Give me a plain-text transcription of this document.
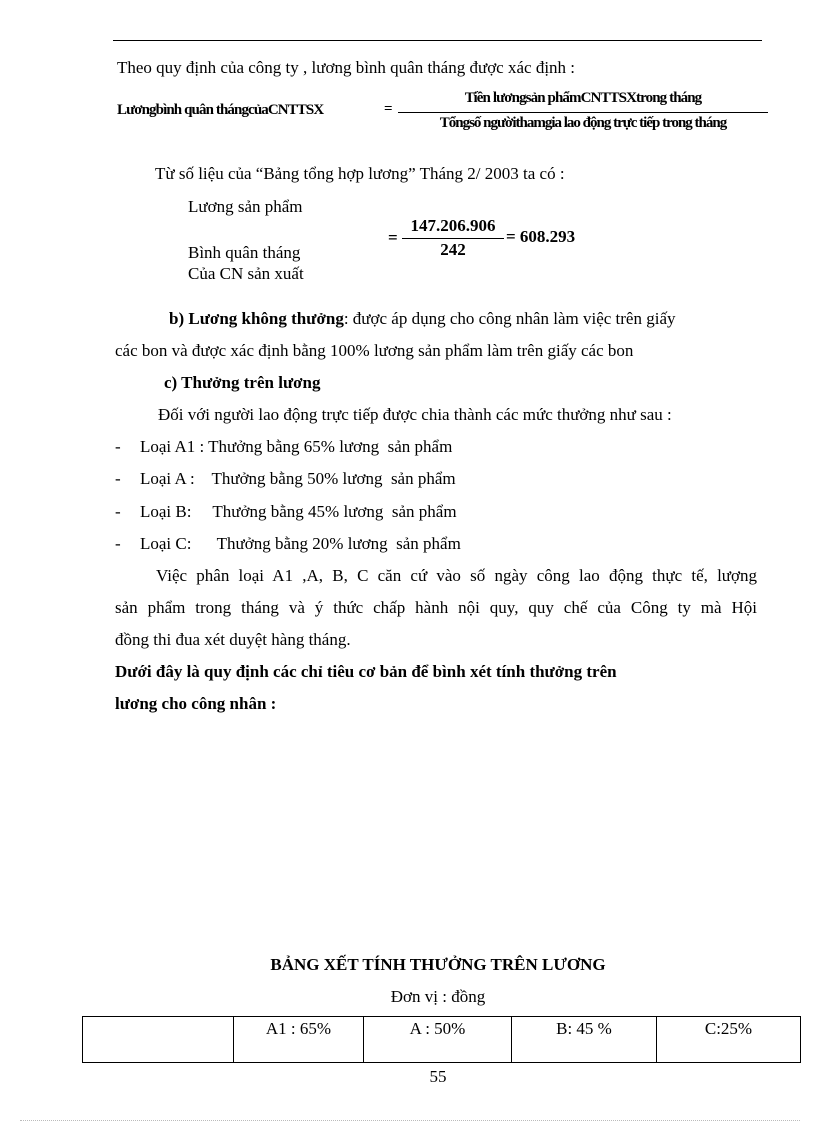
Theo quy định của công ty , lương bình quân tháng được xác định :
Lươngbình quân thángcủaCNTTSX	=
Tiền lươngsản phẩmCNTTSXtrong tháng
Tổngsố ngườithamgia lao động trực tiếp trong tháng
Từ số liệu của “Bảng tổng hợp lương” Tháng 2/ 2003 ta có :
Lương sản phẩm
Bình quân tháng
Của CN sản xuất
=
147.206.906
242
= 608.293
b) Lương không thưởng: được áp dụng cho công nhân làm việc trên giấy
các bon và được xác định bằng 100% lương sản phẩm làm trên giấy các bon
c) Thưởng trên lương
Đối với người lao động trực tiếp được chia thành các mức thưởng như sau :
- Loại A1 : Thưởng bằng 65% lương  sản phẩm
- Loại A :    Thưởng bằng 50% lương  sản phẩm
- Loại B:     Thưởng bằng 45% lương  sản phẩm
- Loại C:      Thưởng bằng 20% lương  sản phẩm
Việc phân loại A1 ,A, B, C căn cứ vào số ngày công lao động thực tế, lượng
sản phẩm trong tháng và ý thức chấp hành nội quy, quy chế của Công ty mà Hội
đồng thi đua xét duyệt hàng tháng.
Dưới đây là quy định các chỉ tiêu cơ bản để bình xét tính thưởng trên
lương cho công nhân :
BẢNG XẾT TÍNH THƯỞNG TRÊN LƯƠNG
Đơn vị : đồng
	A1 : 65%	A : 50%	B: 45 %	C:25%
55
